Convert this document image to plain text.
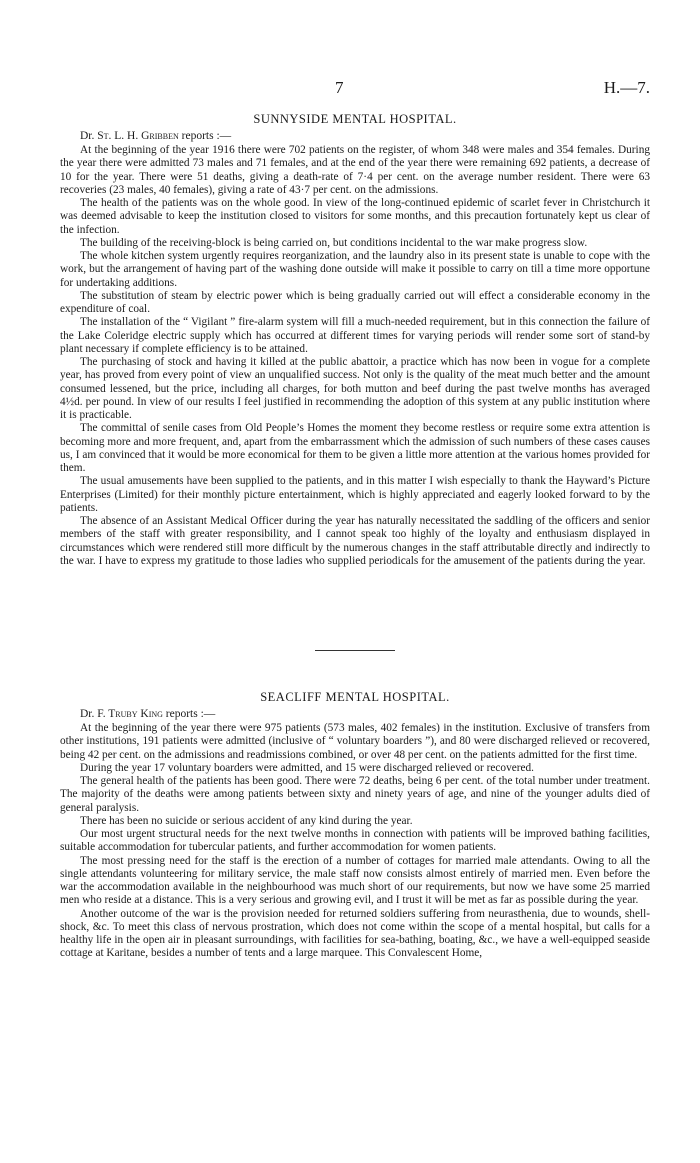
7	H.—7.
SUNNYSIDE MENTAL HOSPITAL.
Dr. St. L. H. Gribben reports :—

At the beginning of the year 1916 there were 702 patients on the register, of whom 348 were males and 354 females. During the year there were admitted 73 males and 71 females, and at the end of the year there were remaining 692 patients, a decrease of 10 for the year. There were 51 deaths, giving a death-rate of 7·4 per cent. on the average number resident. There were 63 recoveries (23 males, 40 females), giving a rate of 43·7 per cent. on the admissions.

The health of the patients was on the whole good. In view of the long-continued epidemic of scarlet fever in Christchurch it was deemed advisable to keep the institution closed to visitors for some months, and this precaution fortunately kept us clear of the infection.

The building of the receiving-block is being carried on, but conditions incidental to the war make progress slow.

The whole kitchen system urgently requires reorganization, and the laundry also in its present state is unable to cope with the work, but the arrangement of having part of the washing done outside will make it possible to carry on till a time more opportune for undertaking additions.

The substitution of steam by electric power which is being gradually carried out will effect a considerable economy in the expenditure of coal.

The installation of the “ Vigilant ” fire-alarm system will fill a much-needed requirement, but in this connection the failure of the Lake Coleridge electric supply which has occurred at different times for varying periods will render some sort of stand-by plant necessary if complete efficiency is to be attained.

The purchasing of stock and having it killed at the public abattoir, a practice which has now been in vogue for a complete year, has proved from every point of view an unqualified success. Not only is the quality of the meat much better and the amount consumed lessened, but the price, including all charges, for both mutton and beef during the past twelve months has averaged 4½d. per pound. In view of our results I feel justified in recommending the adoption of this system at any public institution where it is practicable.

The committal of senile cases from Old People’s Homes the moment they become restless or require some extra attention is becoming more and more frequent, and, apart from the embarrassment which the admission of such numbers of these cases causes us, I am convinced that it would be more economical for them to be given a little more attention at the various homes provided for them.

The usual amusements have been supplied to the patients, and in this matter I wish especially to thank the Hayward’s Picture Enterprises (Limited) for their monthly picture entertainment, which is highly appreciated and eagerly looked forward to by the patients.

The absence of an Assistant Medical Officer during the year has naturally necessitated the saddling of the officers and senior members of the staff with greater responsibility, and I cannot speak too highly of the loyalty and enthusiasm displayed in circumstances which were rendered still more difficult by the numerous changes in the staff attributable directly and indirectly to the war. I have to express my gratitude to those ladies who supplied periodicals for the amusement of the patients during the year.

SEACLIFF MENTAL HOSPITAL.
Dr. F. Truby King reports :—

At the beginning of the year there were 975 patients (573 males, 402 females) in the institution. Exclusive of transfers from other institutions, 191 patients were admitted (inclusive of “ voluntary boarders ”), and 80 were discharged relieved or recovered, being 42 per cent. on the admissions and readmissions combined, or over 48 per cent. on the patients admitted for the first time.

During the year 17 voluntary boarders were admitted, and 15 were discharged relieved or recovered.

The general health of the patients has been good. There were 72 deaths, being 6 per cent. of the total number under treatment. The majority of the deaths were among patients between sixty and ninety years of age, and nine of the younger adults died of general paralysis.

There has been no suicide or serious accident of any kind during the year.

Our most urgent structural needs for the next twelve months in connection with patients will be improved bathing facilities, suitable accommodation for tubercular patients, and further accommodation for women patients.

The most pressing need for the staff is the erection of a number of cottages for married male attendants. Owing to all the single attendants volunteering for military service, the male staff now consists almost entirely of married men. Even before the war the accommodation available in the neighbourhood was much short of our requirements, but now we have some 25 married men who reside at a distance. This is a very serious and growing evil, and I trust it will be met as far as possible during the year.

Another outcome of the war is the provision needed for returned soldiers suffering from neurasthenia, due to wounds, shell-shock, &c. To meet this class of nervous prostration, which does not come within the scope of a mental hospital, but calls for a healthy life in the open air in pleasant surroundings, with facilities for sea-bathing, boating, &c., we have a well-equipped seaside cottage at Karitane, besides a number of tents and a large marquee. This Convalescent Home,
